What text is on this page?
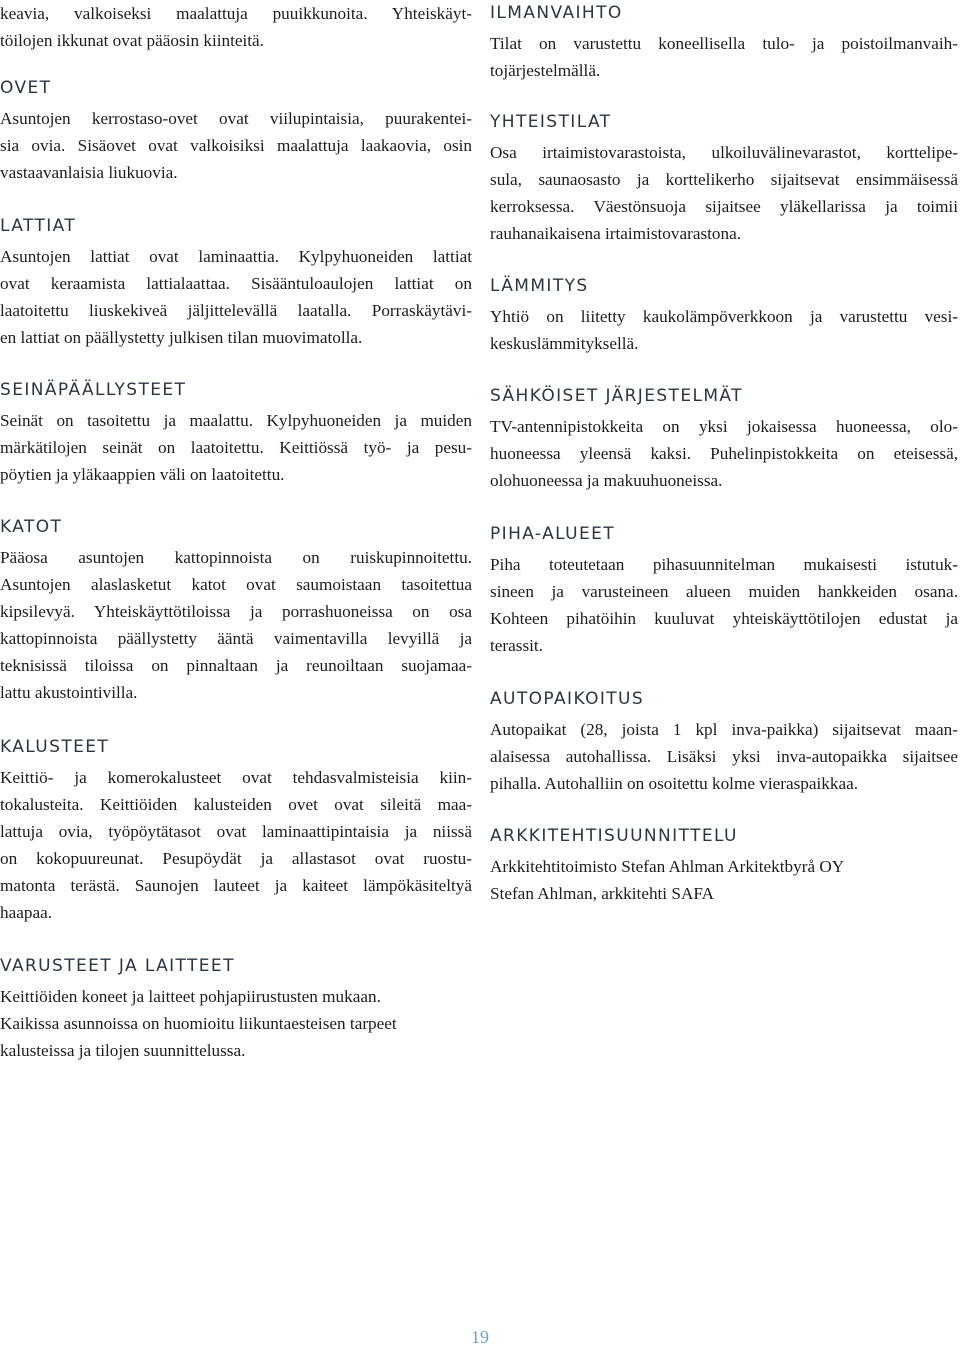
keavia, valkoiseksi maalattuja puuikkunoita. Yhteiskäyt-
töilojen ikkunat ovat pääosin kiinteitä.
OVET
Asuntojen kerrostaso-ovet ovat viilupintaisia, puurakentei-
sia ovia. Sisäovet ovat valkoisiksi maalattuja laakaovia, osin
vastaavanlaisia liukuovia.
LATTIAT
Asuntojen lattiat ovat laminaattia. Kylpyhuoneiden lattiat
ovat keraamista lattialaattaa. Sisääntuloaulojen lattiat on
laatoitettu liuskekiveä jäljittelevällä laatalla. Porraskäytävi-
en lattiat on päällystetty julkisen tilan muovimatolla.
SEINÄPÄÄLLYSTEET
Seinät on tasoitettu ja maalattu. Kylpyhuoneiden ja muiden
märkätilojen seinät on laatoitettu. Keittiössä työ- ja pesu-
pöytien ja yläkaappien väli on laatoitettu.
KATOT
Pääosa asuntojen kattopinnoista on ruiskupinnoitettu.
Asuntojen alaslasketut katot ovat saumoistaan tasoitettua
kipsilevyä. Yhteiskäyttötiloissa ja porrashuoneissa on osa
kattopinnoista päällystetty ääntä vaimentavilla levyillä ja
teknisissä tiloissa on pinnaltaan ja reunoiltaan suojamaa-
lattu akustointivilla.
KALUSTEET
Keittiö- ja komerokalusteet ovat tehdasvalmisteisia kiin-
tokalusteita. Keittiöiden kalusteiden ovet ovat sileitä maa-
lattuja ovia, työpöytätasot ovat laminaattipintaisia ja niissä
on kokopuureunat. Pesupöydät ja allastasot ovat ruostu-
matonta terästä. Saunojen lauteet ja kaiteet lämpökäsiteltyä
haapaa.
VARUSTEET JA LAITTEET
Keittiöiden koneet ja laitteet pohjapiirustusten mukaan.
Kaikissa asunnoissa on huomioitu liikuntaesteisen tarpeet
kalusteissa ja tilojen suunnittelussa.
ILMANVAIHTO
Tilat on varustettu koneellisella tulo- ja poistoilmanvaih-
tojärjestelmällä.
YHTEISTILAT
Osa irtaimistovarastoista, ulkoiluvälinevarastot, korttelipe-
sula, saunaosasto ja korttelikerho sijaitsevat ensimmäisessä
kerroksessa. Väestönsuoja sijaitsee yläkellarissa ja toimii
rauhanaikaisena irtaimistovarastona.
LÄMMITYS
Yhtiö on liitetty kaukolämpöverkkoon ja varustettu vesi-
keskuslämmityksellä.
SÄHKÖISET JÄRJESTELMÄT
TV-antennipistokkeita on yksi jokaisessa huoneessa, olo-
huoneessa yleensä kaksi. Puhelinpistokkeita on eteisessä,
olohuoneessa ja makuuhuoneissa.
PIHA-ALUEET
Piha toteutetaan pihasuunnitelman mukaisesti istutuk-
sineen ja varusteineen alueen muiden hankkeiden osana.
Kohteen pihatöihin kuuluvat yhteiskäyttötilojen edustat ja
terassit.
AUTOPAIKOITUS
Autopaikat (28, joista 1 kpl inva-paikka) sijaitsevat maan-
alaisessa autohallissa. Lisäksi yksi inva-autopaikka sijaitsee
pihalla. Autohalliin on osoitettu kolme vieraspaikkaa.
ARKKITEHTISUUNNITTELU
Arkkitehtitoimisto Stefan Ahlman Arkitektbyrå OY
Stefan Ahlman, arkkitehti SAFA
19
